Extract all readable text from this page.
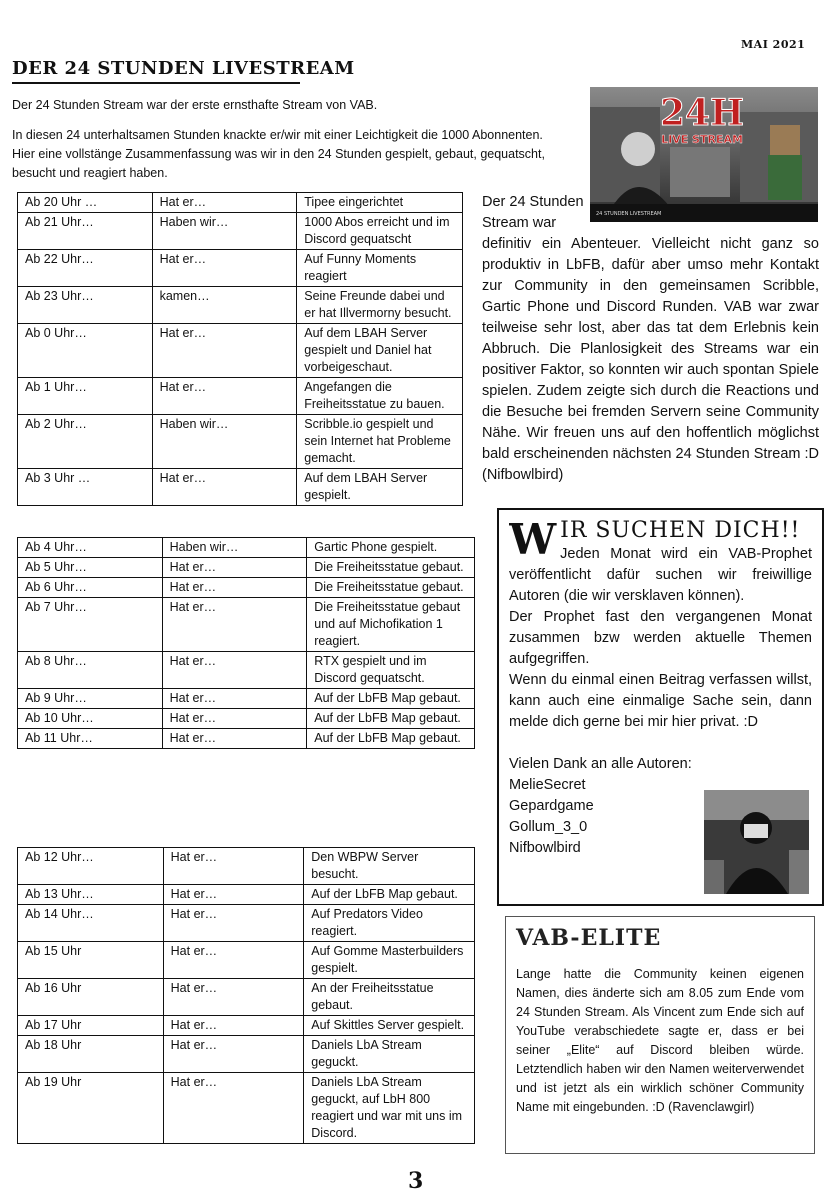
MAI 2021
DER 24 STUNDEN LIVESTREAM
Der 24 Stunden Stream war der erste ernsthafte Stream von VAB.
In diesen 24 unterhaltsamen Stunden knackte er/wir mit einer Leichtigkeit die 1000 Abonnenten.
Hier eine vollstänge Zusammenfassung was wir in den 24 Stunden gespielt, gebaut, gequatscht,
besucht und reagiert haben.
Ab 20 Uhr …	Hat er…	Tipee eingerichtet
Ab 21 Uhr…	Haben wir…	1000 Abos erreicht und im Discord gequatscht
Ab 22 Uhr…	Hat er…	Auf Funny Moments reagiert
Ab 23 Uhr…	kamen…	Seine Freunde dabei und er hat Illvermorny besucht.
Ab 0 Uhr…	Hat er…	Auf dem LBAH Server gespielt und Daniel hat vorbeigeschaut.
Ab 1 Uhr…	Hat er…	Angefangen die Freiheitsstatue zu bauen.
Ab 2 Uhr…	Haben wir…	Scribble.io gespielt und sein Internet hat Probleme gemacht.
Ab 3 Uhr …	Hat er…	Auf dem LBAH Server gespielt.
Ab 4 Uhr…	Haben wir…	Gartic Phone gespielt.
Ab 5 Uhr…	Hat er…	Die Freiheitsstatue gebaut.
Ab 6 Uhr…	Hat er…	Die Freiheitsstatue gebaut.
Ab 7 Uhr…	Hat er…	Die Freiheitsstatue gebaut und auf Michofikation 1 reagiert.
Ab 8 Uhr…	Hat er…	RTX gespielt und im Discord gequatscht.
Ab 9 Uhr…	Hat er…	Auf der LbFB Map gebaut.
Ab 10 Uhr…	Hat er…	Auf der LbFB Map gebaut.
Ab 11 Uhr…	Hat er…	Auf der LbFB Map gebaut.
Ab 12 Uhr…	Hat er…	Den WBPW Server besucht.
Ab 13 Uhr…	Hat er…	Auf der LbFB Map gebaut.
Ab 14 Uhr…	Hat er…	Auf Predators Video reagiert.
Ab 15 Uhr	Hat er…	Auf Gomme Masterbuilders gespielt.
Ab 16 Uhr	Hat er…	An der Freiheitsstatue gebaut.
Ab 17 Uhr	Hat er…	Auf Skittles Server gespielt.
Ab 18 Uhr	Hat er…	Daniels LbA Stream geguckt.
Ab 19 Uhr	Hat er…	Daniels LbA Stream geguckt, auf LbH 800 reagiert und war mit uns im Discord.
24H
LIVE STREAM
24 STUNDEN LIVESTREAM
Der 24 Stunden
Stream war
definitiv ein Abenteuer. Vielleicht nicht ganz so produktiv in LbFB, dafür aber umso mehr Kontakt zur Community in den gemeinsamen Scribble, Gartic Phone und Discord Runden. VAB war zwar teilweise sehr lost, aber das tat dem Erlebnis kein Abbruch. Die Planlosigkeit des Streams war ein positiver Faktor, so konnten wir auch spontan Spiele spielen. Zudem zeigte sich durch die Reactions und die Besuche bei fremden Servern seine Community Nähe. Wir freuen uns auf den hoffentlich möglichst bald erscheinenden nächsten 24 Stunden Stream :D (Nifbowlbird)
W IR SUCHEN DICH!!
Jeden Monat wird ein VAB-Prophet veröffentlicht dafür suchen wir freiwillige Autoren (die wir versklaven können).
Der Prophet fast den vergangenen Monat zusammen bzw werden aktuelle Themen aufgegriffen.
Wenn du einmal einen Beitrag verfassen willst, kann auch eine einmalige Sache sein, dann melde dich gerne bei mir hier privat. :D
Vielen Dank an alle Autoren:
MelieSecret
Gepardgame
Gollum_3_0
Nifbowlbird
VAB-ELITE
Lange hatte die Community keinen eigenen Namen, dies änderte sich am 8.05 zum Ende vom 24 Stunden Stream. Als Vincent zum Ende sich auf YouTube verabschiedete sagte er, dass er bei seiner „Elite“ auf Discord bleiben würde. Letztendlich haben wir den Namen weiterverwendet und ist jetzt als ein wirklich schöner Community Name mit eingebunden. :D (Ravenclawgirl)
3
